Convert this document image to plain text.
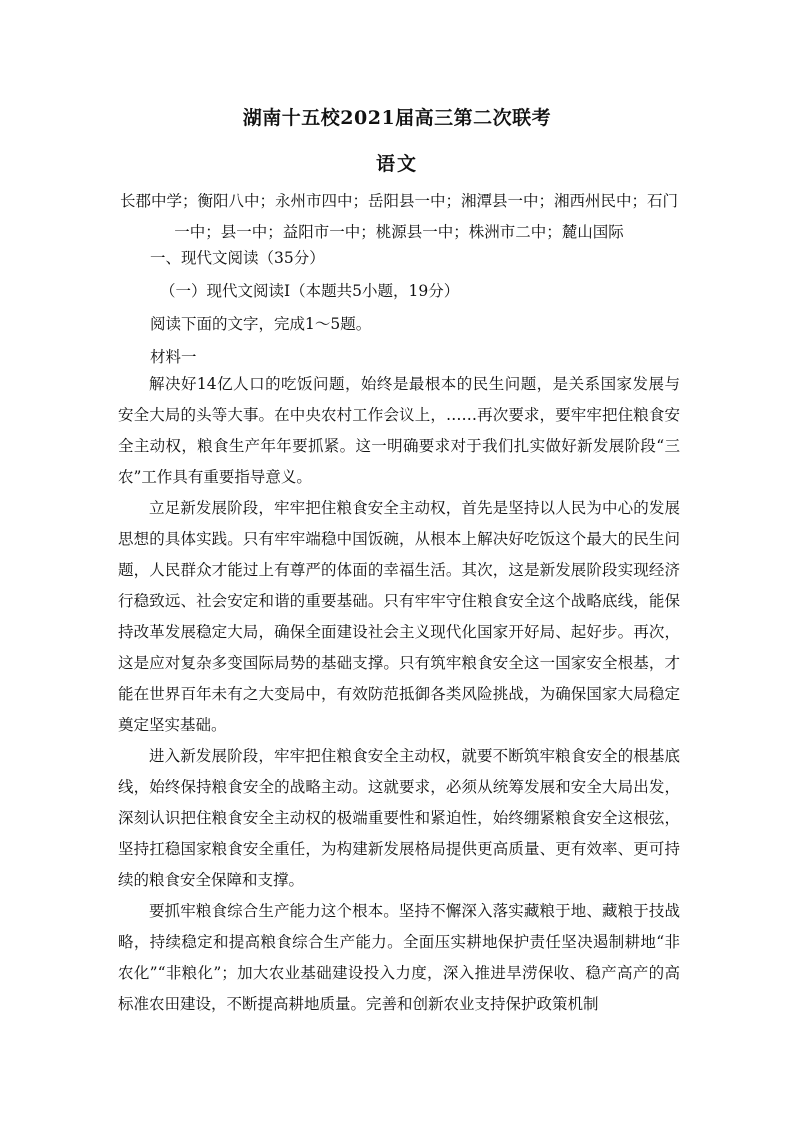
湖南十五校2021届高三第二次联考
语文
长郡中学；衡阳八中；永州市四中；岳阳县一中；湘潭县一中；湘西州民中；石门一中；县一中；益阳市一中；桃源县一中；株洲市二中；麓山国际
一、现代文阅读（35分）
（一）现代文阅读Ⅰ（本题共5小题，19分）
阅读下面的文字，完成1～5题。
材料一

解决好14亿人口的吃饭问题，始终是最根本的民生问题，是关系国家发展与安全大局的头等大事。在中央农村工作会议上，……再次要求，要牢牢把住粮食安全主动权，粮食生产年年要抓紧。这一明确要求对于我们扎实做好新发展阶段“三农”工作具有重要指导意义。

立足新发展阶段，牢牢把住粮食安全主动权，首先是坚持以人民为中心的发展思想的具体实践。只有牢牢端稳中国饭碗，从根本上解决好吃饭这个最大的民生问题，人民群众才能过上有尊严的体面的幸福生活。其次，这是新发展阶段实现经济行稳致远、社会安定和谐的重要基础。只有牢牢守住粮食安全这个战略底线，能保持改革发展稳定大局，确保全面建设社会主义现代化国家开好局、起好步。再次，这是应对复杂多变国际局势的基础支撑。只有筑牢粮食安全这一国家安全根基，才能在世界百年未有之大变局中，有效防范抵御各类风险挑战，为确保国家大局稳定奠定坚实基础。

进入新发展阶段，牢牢把住粮食安全主动权，就要不断筑牢粮食安全的根基底线，始终保持粮食安全的战略主动。这就要求，必须从统筹发展和安全大局出发，深刻认识把住粮食安全主动权的极端重要性和紧迫性，始终绷紧粮食安全这根弦，坚持扛稳国家粮食安全重任，为构建新发展格局提供更高质量、更有效率、更可持续的粮食安全保障和支撑。

要抓牢粮食综合生产能力这个根本。坚持不懈深入落实藏粮于地、藏粮于技战略，持续稳定和提高粮食综合生产能力。全面压实耕地保护责任坚决遏制耕地“非农化”“非粮化”；加大农业基础建设投入力度，深入推进旱涝保收、稳产高产的高标准农田建设，不断提高耕地质量。完善和创新农业支持保护政策机制
